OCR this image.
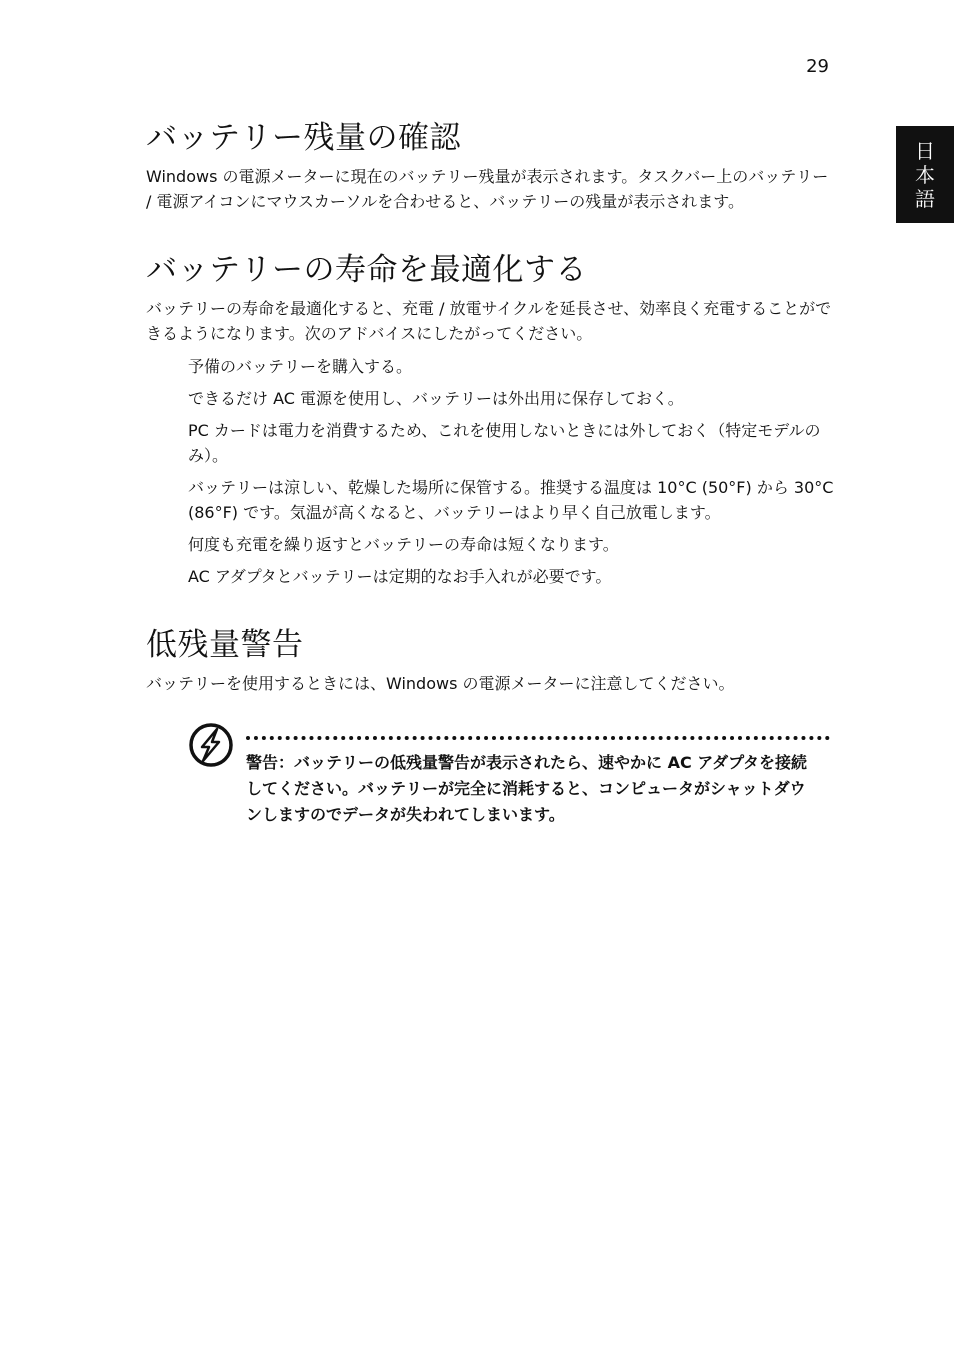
29
日
本
語
バッテリー残量の確認

Windows の電源メーターに現在のバッテリー残量が表示されます。タスクバー上のバッテリー / 電源アイコンにマウスカーソルを合わせると、バッテリーの残量が表示されます。

バッテリーの寿命を最適化する

バッテリーの寿命を最適化すると、充電 / 放電サイクルを延長させ、効率良く充電することができるようになります。次のアドバイスにしたがってください。

予備のバッテリーを購入する。
できるだけ AC 電源を使用し、バッテリーは外出用に保存しておく。
PC カードは電力を消費するため、これを使用しないときには外しておく（特定モデルのみ）。
バッテリーは涼しい、乾燥した場所に保管する。推奨する温度は 10°C (50°F) から 30°C (86°F) です。気温が高くなると、バッテリーはより早く自己放電します。
何度も充電を繰り返すとバッテリーの寿命は短くなります。
AC アダプタとバッテリーは定期的なお手入れが必要です。
低残量警告

バッテリーを使用するときには、Windows の電源メーターに注意してください。

警告：バッテリーの低残量警告が表示されたら、速やかに AC アダプタを接続してください。バッテリーが完全に消耗すると、コンピュータがシャットダウンしますのでデータが失われてしまいます。
